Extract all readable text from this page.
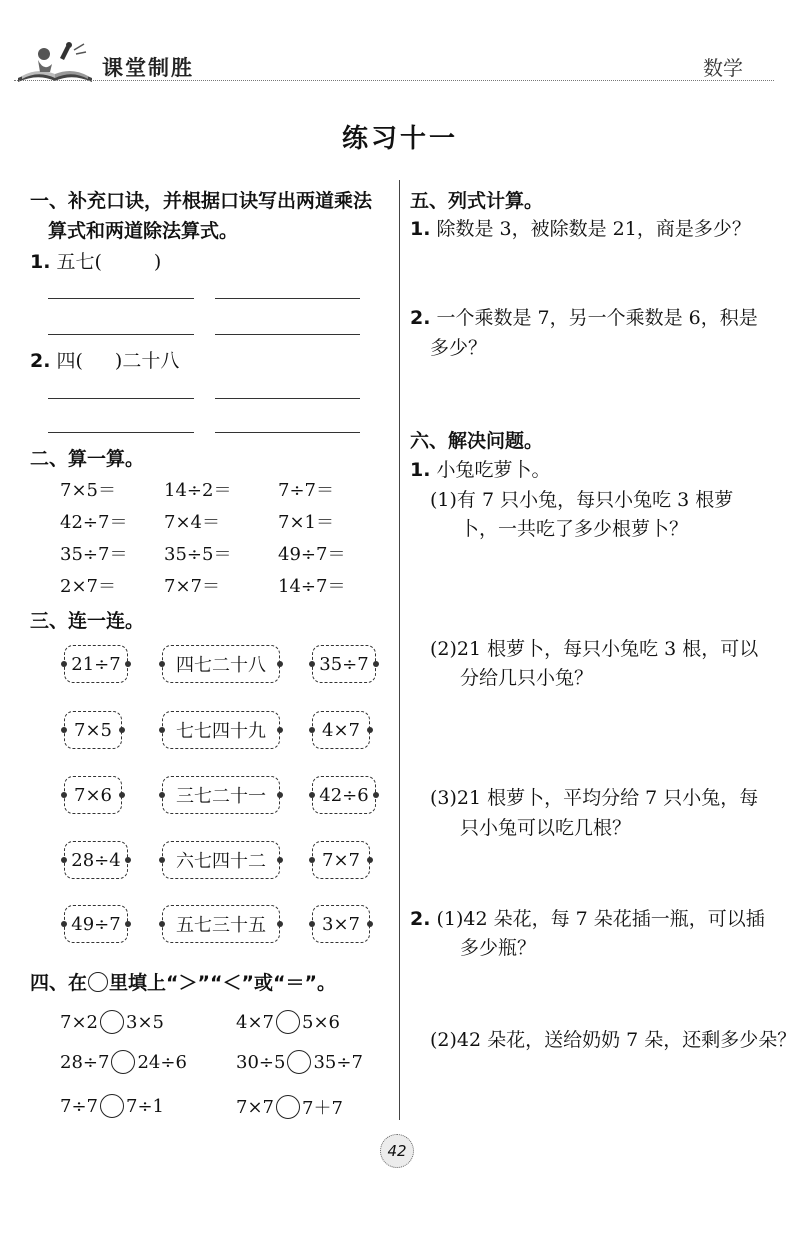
课堂制胜	数学
练习十一
一、补充口诀，并根据口诀写出两道乘法
算式和两道除法算式。
1. 五七(	)
2. 四( )二十八
二、算一算。
7×5＝	14÷2＝	7÷7＝
42÷7＝ 7×4＝	7×1＝
35÷7＝ 35÷5＝	49÷7＝
2×7＝	7×7＝	14÷7＝
三、连一连。
21÷7	四七二十八	35÷7
7×5	七七四十九	4×7
7×6	三七二十一	42÷6
28÷4	六七四十二	7×7
49÷7	五七三十五	3×7
四、在 里填上“＞”“＜”或“＝”。
7×2 3×5	4×7 5×6
28÷7 24÷6	30÷5 35÷7
7÷7 7÷1	7×7 7＋7
五、列式计算。
1. 除数是 3，被除数是 21，商是多少？
2. 一个乘数是 7，另一个乘数是 6，积是
多少？
六、解决问题。
1. 小兔吃萝卜。
(1)有 7 只小兔，每只小兔吃 3 根萝
卜，一共吃了多少根萝卜？
(2)21 根萝卜，每只小兔吃 3 根，可以
分给几只小兔？
(3)21 根萝卜，平均分给 7 只小兔，每
只小兔可以吃几根？
2. (1)42 朵花，每 7 朵花插一瓶，可以插
多少瓶？
(2)42 朵花，送给奶奶 7 朵，还剩多少朵？
42
